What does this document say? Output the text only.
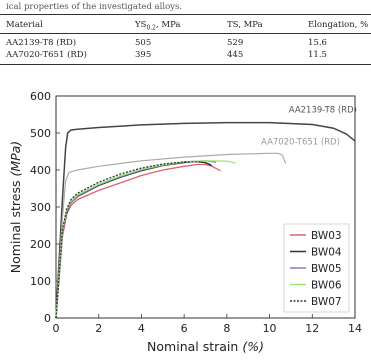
ical properties of the investigated alloys.
Material	$YS_{0.2}$, MPa	TS, MPa	Elongation, %
AA2139-T8 (RD)	505	529	15.6
AA7020-T651 (RD)	395	445	11.5
0	2	4	6	8	10	12	14
0
100
200
300
400
500
600
Nominal strain (%)
Nominal stress (MPa)
AA2139-T8 (RD)
AA7020-T651 (RD)
BW03
BW04
BW05
BW06
BW07
